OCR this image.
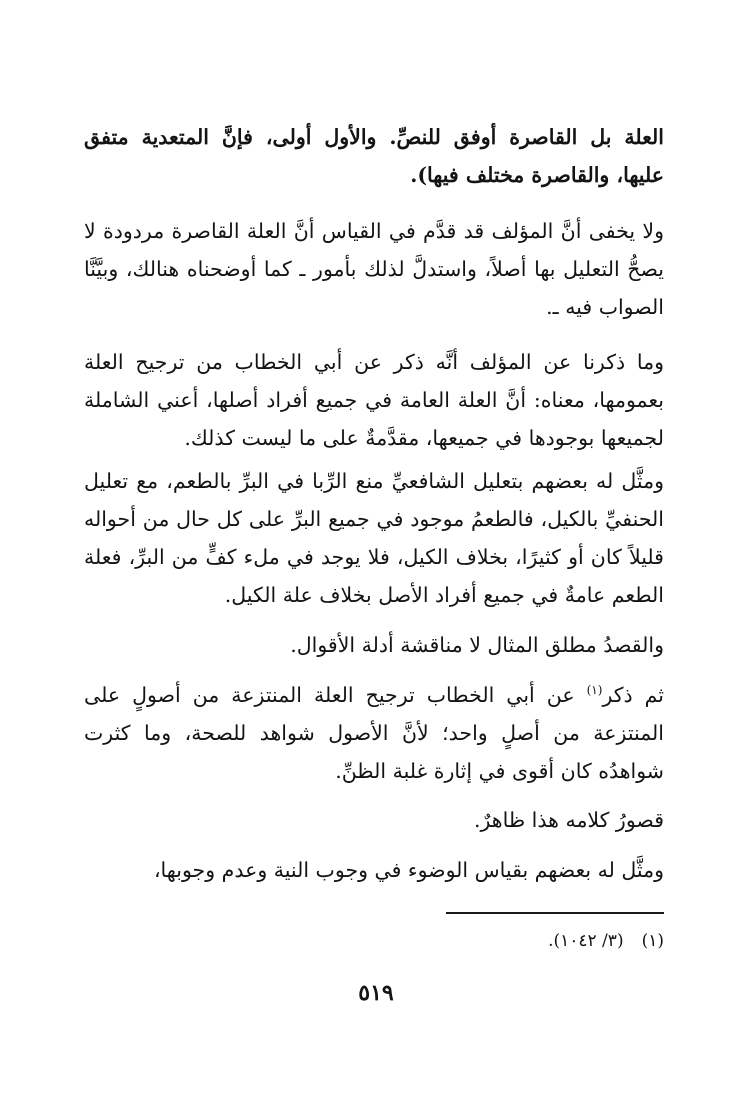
العلة بل القاصرة أوفق للنصِّ. والأول أولى، فإنَّ المتعدية متفق عليها، والقاصرة مختلف فيها).

ولا يخفى أنَّ المؤلف قد قدَّم في القياس أنَّ العلة القاصرة مردودة لا يصحُّ التعليل بها أصلاً، واستدلَّ لذلك بأمور ـ كما أوضحناه هنالك، وبيَّنَّا الصواب فيه ـ.

وما ذكرنا عن المؤلف أنَّه ذكر عن أبي الخطاب من ترجيح العلة بعمومها، معناه: أنَّ العلة العامة في جميع أفراد أصلها، أعني الشاملة لجميعها بوجودها في جميعها، مقدَّمةٌ على ما ليست كذلك.

ومثَّل له بعضهم بتعليل الشافعيِّ منع الرِّبا في البرِّ بالطعم، مع تعليل الحنفيِّ بالكيل، فالطعمُ موجود في جميع البرِّ على كل حال من أحواله قليلاً كان أو كثيرًا، بخلاف الكيل، فلا يوجد في ملء كفٍّ من البرِّ، فعلة الطعم عامةٌ في جميع أفراد الأصل بخلاف علة الكيل.

والقصدُ مطلق المثال لا مناقشة أدلة الأقوال.

ثم ذكر$^{(١)}$ عن أبي الخطاب ترجيح العلة المنتزعة من أصولٍ على المنتزعة من أصلٍ واحد؛ لأنَّ الأصول شواهد للصحة، وما كثرت شواهدُه كان أقوى في إثارة غلبة الظنِّ.

قصورُ كلامه هذا ظاهرٌ.

ومثَّل له بعضهم بقياس الوضوء في وجوب النية وعدم وجوبها،

(١)(٣/ ١٠٤٢).
٥١٩
